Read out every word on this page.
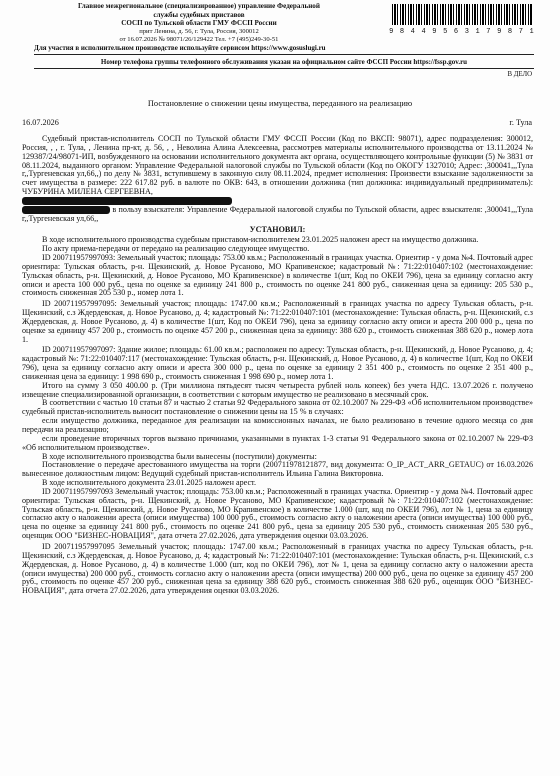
Главное межрегиональное (специализированное) управление Федеральной
службы судебных приставов
СОСП по Тульской области ГМУ ФССП России
прит Ленина, д. 56, г. Тула, Россия, 300012
от 16.07.2026 № 98071/26/129422 Тел. +7 (495)249-30-51
9 8 4 4 9 5 6 3 1 7 9 8 7 1
Для участия в исполнительном производстве используйте сервисом https://www.gosuslugi.ru
Номер телефона группы телефонного обслуживания указан на официальном сайте ФССП России https://fssp.gov.ru
В ДЕЛО
Постановление о снижении цены имущества, переданного на реализацию
16.07.2026	г. Тула

Судебный пристав-исполнитель СОСП по Тульской области ГМУ ФССП России (Код по ВКСП: 98071), адрес подразделения: 300012, Россия, , , г. Тула, , Ленина пр-кт, д. 56, , , Неволина Алина Алексеевна, рассмотрев материалы исполнительного производства от 13.11.2024 № 129387/24/98071-ИП, возбужденного на основании исполнительного документа акт органа, осуществляющего контрольные функции (5) № 3831 от 08.11.2024, выданного органом: Управление Федеральной налоговой службы по Тульской области (Код по ОКОГУ 1327010; Адрес: ,300041,,,Тула г,,Тургеневская ул,66,,) по делу № 3831, вступившему в законную силу 08.11.2024, предмет исполнения: Произвести взыскание задолженности за счет имущества в размере: 222 617.82 руб. в валюте по ОКВ: 643, в отношении должника (тип должника: индивидуальный предприниматель): ЧУБУРИНА МИЛЕНА СЕРГЕЕВНА,

в пользу взыскателя: Управление Федеральной налоговой службы по Тульской области, адрес взыскателя: ,300041,,,Тула г,,Тургеневская ул,66,,

УСТАНОВИЛ:

В ходе исполнительного производства судебным приставом-исполнителем 23.01.2025 наложен арест на имущество должника.

По акту приема-передачи от передано на реализацию следующее имущество.

ID 200711957997093: Земельный участок; площадь: 753.00 кв.м.; Расположенный в границах участка. Ориентир - у дома №4. Почтовый адрес ориентира: Тульская область, р-н. Щекинский, д. Новое Русаново, МО Крапивенское; кадастровый №: 71:22:010407:102 (местонахождение: Тульская область, р-н. Щекинский, д. Новое Русаново, МО Крапивенское) в количестве 1(шт, Код по ОКЕИ 796), цена за единицу согласно акту описи и ареста 100 000 руб., цена по оценке за единицу 241 800 р., стоимость по оценке 241 800 руб., сниженная цена за единицу: 205 530 р., стоимость сниженная 205 530 р., номер лота 1.

ID 200711957997095: Земельный участок; площадь: 1747.00 кв.м.; Расположенный в границах участка по адресу Тульская область, р-н. Щекинский, с.з Ждердевская, д. Новое Русаново, д. 4; кадастровый №: 71:22:010407:101 (местонахождение: Тульская область, р-н. Щекинский, с.з Ждердевская, д. Новое Русаново, д. 4) в количестве 1(шт, Код по ОКЕИ 796), цена за единицу согласно акту описи и ареста 200 000 р., цена по оценке за единицу 457 200 р., стоимость по оценке 457 200 р., сниженная цена за единицу: 388 620 р., стоимость сниженная 388 620 р., номер лота 1.

ID 200711957997097: Здание жилое; площадь: 61.00 кв.м.; расположен по адресу: Тульская область, р-н. Щекинский, д. Новое Русаново, д. 4; кадастровый №: 71:22:010407:117 (местонахождение: Тульская область, р-н. Щекинский, д. Новое Русаново, д. 4) в количестве 1(шт, Код по ОКЕИ 796), цена за единицу согласно акту описи и ареста 300 000 р., цена по оценке за единицу 2 351 400 р., стоимость по оценке 2 351 400 р., сниженная цена за единицу: 1 998 690 р., стоимость сниженная 1 998 690 р., номер лота 1.

Итого на сумму 3 050 400.00 р. (Три миллиона пятьдесят тысяч четыреста рублей ноль копеек) без учета НДС. 13.07.2026 г. получено извещение специализированной организации, в соответствии с которым имущество не реализовано в месячный срок.

В соответствии с частью 10 статьи 87 и частью 2 статьи 92 Федерального закона от 02.10.2007 № 229-ФЗ «Об исполнительном производстве» судебный пристав-исполнитель выносит постановление о снижении цены на 15 % в случаях:

если имущество должника, переданное для реализации на комиссионных началах, не было реализовано в течение одного месяца со дня передачи на реализацию;

если проведение вторичных торгов вызвано причинами, указанными в пунктах 1-3 статьи 91 Федерального закона от 02.10.2007 № 229-ФЗ «Об исполнительном производстве».

В ходе исполнительного производства были вынесены (поступили) документы:

Постановление о передаче арестованного имущества на торги (200711978121877, вид документа: O_IP_ACT_ARR_GETAUC) от 16.03.2026 вынесенное должностным лицом: Ведущий судебный пристав-исполнитель Ильина Галина Викторовна.

В ходе исполнительного документа 23.01.2025 наложен арест.

ID 200711957997093 Земельный участок; площадь: 753.00 кв.м.; Расположенный в границах участка. Ориентир - у дома №4. Почтовый адрес ориентира: Тульская область, р-н. Щекинский, д. Новое Русаново, МО Крапивенское; кадастровый №: 71:22:010407:102 (местонахождение: Тульская область, р-н. Щекинский, д. Новое Русаново, МО Крапивенское) в количестве 1.000 (шт, код по ОКЕИ 796), лот № 1, цена за единицу согласно акту о наложении ареста (описи имущества) 100 000 руб., стоимость согласно акту о наложении ареста (описи имущества) 100 000 руб., цена по оценке за единицу 241 800 руб., стоимость по оценке 241 800 руб., цена за единицу 205 530 руб., стоимость сниженная 205 530 руб., оценщик ООО "БИЗНЕС-НОВАЦИЯ", дата отчета 27.02.2026, дата утверждения оценки 03.03.2026.

ID 200711957997095 Земельный участок; площадь: 1747.00 кв.м.; Расположенный в границах участка по адресу Тульская область, р-н. Щекинский, с.з Ждердевская, д. Новое Русаново, д. 4; кадастровый №: 71:22:010407:101 (местонахождение: Тульская область, р-н. Щекинский, с.з Ждердевская, д. Новое Русаново, д. 4) в количестве 1.000 (шт, код по ОКЕИ 796), лот № 1, цена за единицу согласно акту о наложении ареста (описи имущества) 200 000 руб., стоимость согласно акту о наложении ареста (описи имущества) 200 000 руб., цена по оценке за единицу 457 200 руб., стоимость по оценке 457 200 руб., сниженная цена за единицу 388 620 руб., стоимость сниженная 388 620 руб., оценщик ООО "БИЗНЕС-НОВАЦИЯ", дата отчета 27.02.2026, дата утверждения оценки 03.03.2026.
